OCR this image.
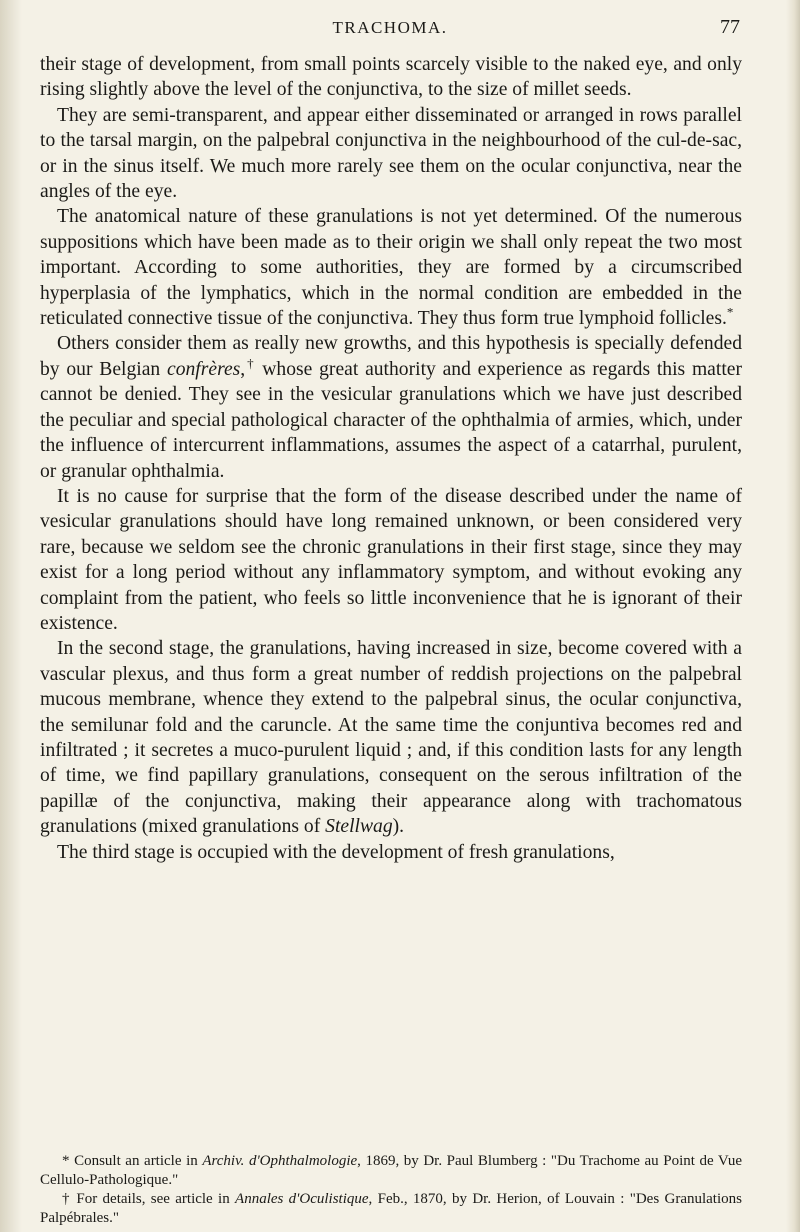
TRACHOMA.	77

their stage of development, from small points scarcely visible to the naked eye, and only rising slightly above the level of the conjunctiva, to the size of millet seeds.

They are semi-transparent, and appear either disseminated or arranged in rows parallel to the tarsal margin, on the palpebral conjunctiva in the neighbourhood of the cul-de-sac, or in the sinus itself. We much more rarely see them on the ocular conjunctiva, near the angles of the eye.

The anatomical nature of these granulations is not yet determined. Of the numerous suppositions which have been made as to their origin we shall only repeat the two most important. According to some authorities, they are formed by a circumscribed hyperplasia of the lymphatics, which in the normal condition are embedded in the reticulated connective tissue of the conjunctiva. They thus form true lymphoid follicles.*

Others consider them as really new growths, and this hypothesis is specially defended by our Belgian confrères,† whose great authority and experience as regards this matter cannot be denied. They see in the vesicular granulations which we have just described the peculiar and special pathological character of the ophthalmia of armies, which, under the influence of intercurrent inflammations, assumes the aspect of a catarrhal, purulent, or granular ophthalmia.

It is no cause for surprise that the form of the disease described under the name of vesicular granulations should have long remained unknown, or been considered very rare, because we seldom see the chronic granulations in their first stage, since they may exist for a long period without any inflammatory symptom, and without evoking any complaint from the patient, who feels so little inconvenience that he is ignorant of their existence.

In the second stage, the granulations, having increased in size, become covered with a vascular plexus, and thus form a great number of reddish projections on the palpebral mucous membrane, whence they extend to the palpebral sinus, the ocular conjunctiva, the semilunar fold and the caruncle. At the same time the conjuntiva becomes red and infiltrated ; it secretes a muco-purulent liquid ; and, if this condition lasts for any length of time, we find papillary granulations, consequent on the serous infiltration of the papillæ of the conjunctiva, making their appearance along with trachomatous granulations (mixed granulations of Stellwag).

The third stage is occupied with the development of fresh granulations,

* Consult an article in Archiv. d'Ophthalmologie, 1869, by Dr. Paul Blumberg : "Du Trachome au Point de Vue Cellulo-Pathologique."

† For details, see article in Annales d'Oculistique, Feb., 1870, by Dr. Herion, of Louvain : "Des Granulations Palpébrales."
